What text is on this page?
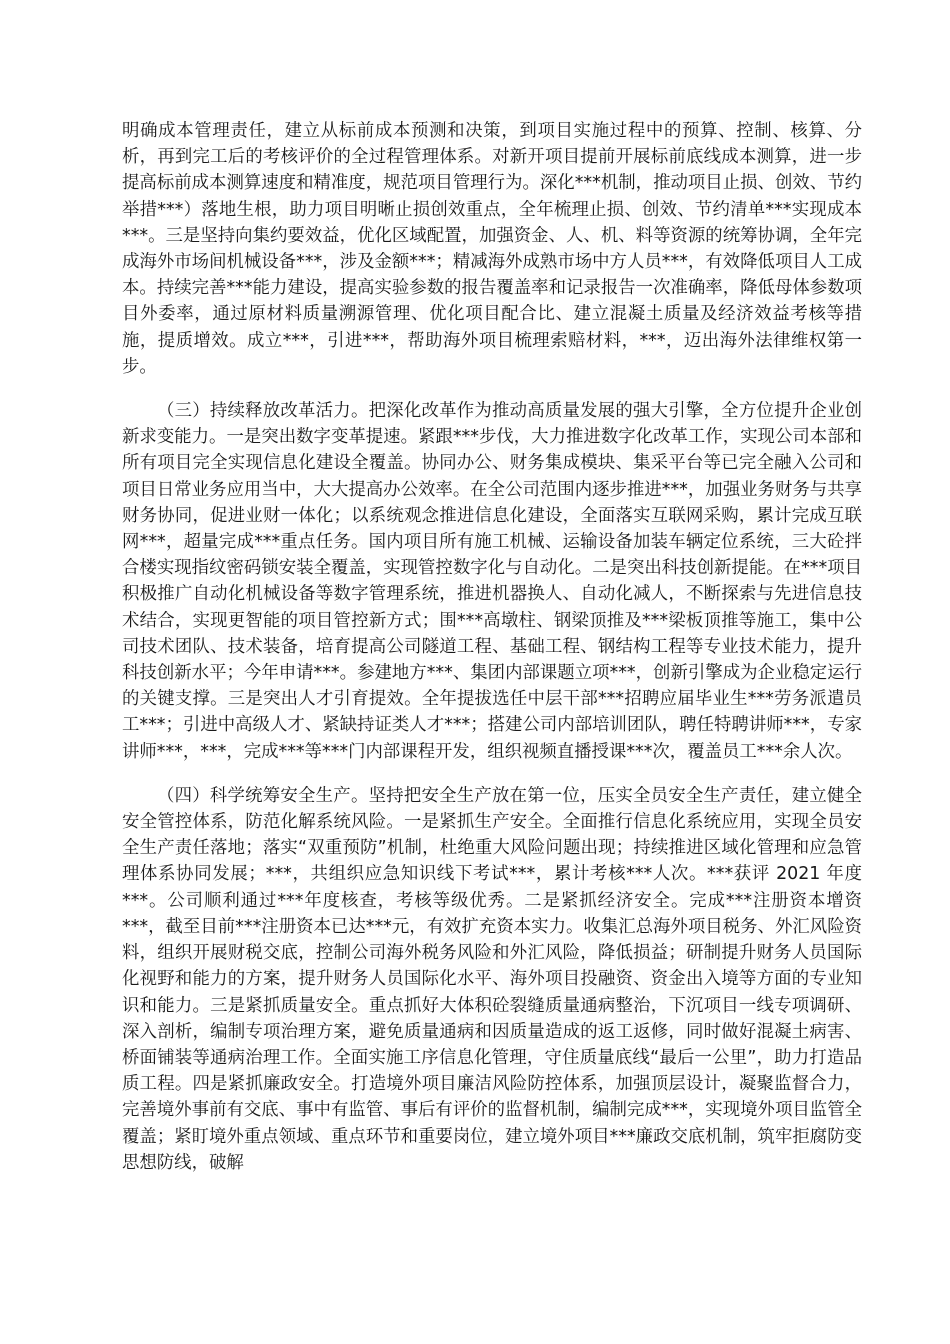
明确成本管理责任，建立从标前成本预测和决策，到项目实施过程中的预算、控制、核算、分析，再到完工后的考核评价的全过程管理体系。对新开项目提前开展标前底线成本测算，进一步提高标前成本测算速度和精准度，规范项目管理行为。深化***机制，推动项目止损、创效、节约举措***）落地生根，助力项目明晰止损创效重点，全年梳理止损、创效、节约清单***实现成本***。三是坚持向集约要效益，优化区域配置，加强资金、人、机、料等资源的统筹协调，全年完成海外市场间机械设备***，涉及金额***；精减海外成熟市场中方人员***，有效降低项目人工成本。持续完善***能力建设，提高实验参数的报告覆盖率和记录报告一次准确率，降低母体参数项目外委率，通过原材料质量溯源管理、优化项目配合比、建立混凝土质量及经济效益考核等措施，提质增效。成立***，引进***，帮助海外项目梳理索赔材料，***，迈出海外法律维权第一步。

（三）持续释放改革活力。把深化改革作为推动高质量发展的强大引擎，全方位提升企业创新求变能力。一是突出数字变革提速。紧跟***步伐，大力推进数字化改革工作，实现公司本部和所有项目完全实现信息化建设全覆盖。协同办公、财务集成模块、集采平台等已完全融入公司和项目日常业务应用当中，大大提高办公效率。在全公司范围内逐步推进***，加强业务财务与共享财务协同，促进业财一体化；以系统观念推进信息化建设，全面落实互联网采购，累计完成互联网***，超量完成***重点任务。国内项目所有施工机械、运输设备加装车辆定位系统，三大砼拌合楼实现指纹密码锁安装全覆盖，实现管控数字化与自动化。二是突出科技创新提能。在***项目积极推广自动化机械设备等数字管理系统，推进机器换人、自动化减人，不断探索与先进信息技术结合，实现更智能的项目管控新方式；围***高墩柱、钢梁顶推及***梁板顶推等施工，集中公司技术团队、技术装备，培育提高公司隧道工程、基础工程、钢结构工程等专业技术能力，提升科技创新水平；今年申请***。参建地方***、集团内部课题立项***，创新引擎成为企业稳定运行的关键支撑。三是突出人才引育提效。全年提拔选任中层干部***招聘应届毕业生***劳务派遣员工***；引进中高级人才、紧缺持证类人才***；搭建公司内部培训团队，聘任特聘讲师***，专家讲师***，***，完成***等***门内部课程开发，组织视频直播授课***次，覆盖员工***余人次。

（四）科学统筹安全生产。坚持把安全生产放在第一位，压实全员安全生产责任，建立健全安全管控体系，防范化解系统风险。一是紧抓生产安全。全面推行信息化系统应用，实现全员安全生产责任落地；落实“双重预防”机制，杜绝重大风险问题出现；持续推进区域化管理和应急管理体系协同发展；***，共组织应急知识线下考试***，累计考核***人次。***获评 2021 年度***。公司顺利通过***年度核查，考核等级优秀。二是紧抓经济安全。完成***注册资本增资***，截至目前***注册资本已达***元，有效扩充资本实力。收集汇总海外项目税务、外汇风险资料，组织开展财税交底，控制公司海外税务风险和外汇风险，降低损益；研制提升财务人员国际化视野和能力的方案，提升财务人员国际化水平、海外项目投融资、资金出入境等方面的专业知识和能力。三是紧抓质量安全。重点抓好大体积砼裂缝质量通病整治，下沉项目一线专项调研、深入剖析，编制专项治理方案，避免质量通病和因质量造成的返工返修，同时做好混凝土病害、桥面铺装等通病治理工作。全面实施工序信息化管理，守住质量底线“最后一公里”，助力打造品质工程。四是紧抓廉政安全。打造境外项目廉洁风险防控体系，加强顶层设计，凝聚监督合力，完善境外事前有交底、事中有监管、事后有评价的监督机制，编制完成***，实现境外项目监管全覆盖；紧盯境外重点领域、重点环节和重要岗位，建立境外项目***廉政交底机制，筑牢拒腐防变思想防线，破解
